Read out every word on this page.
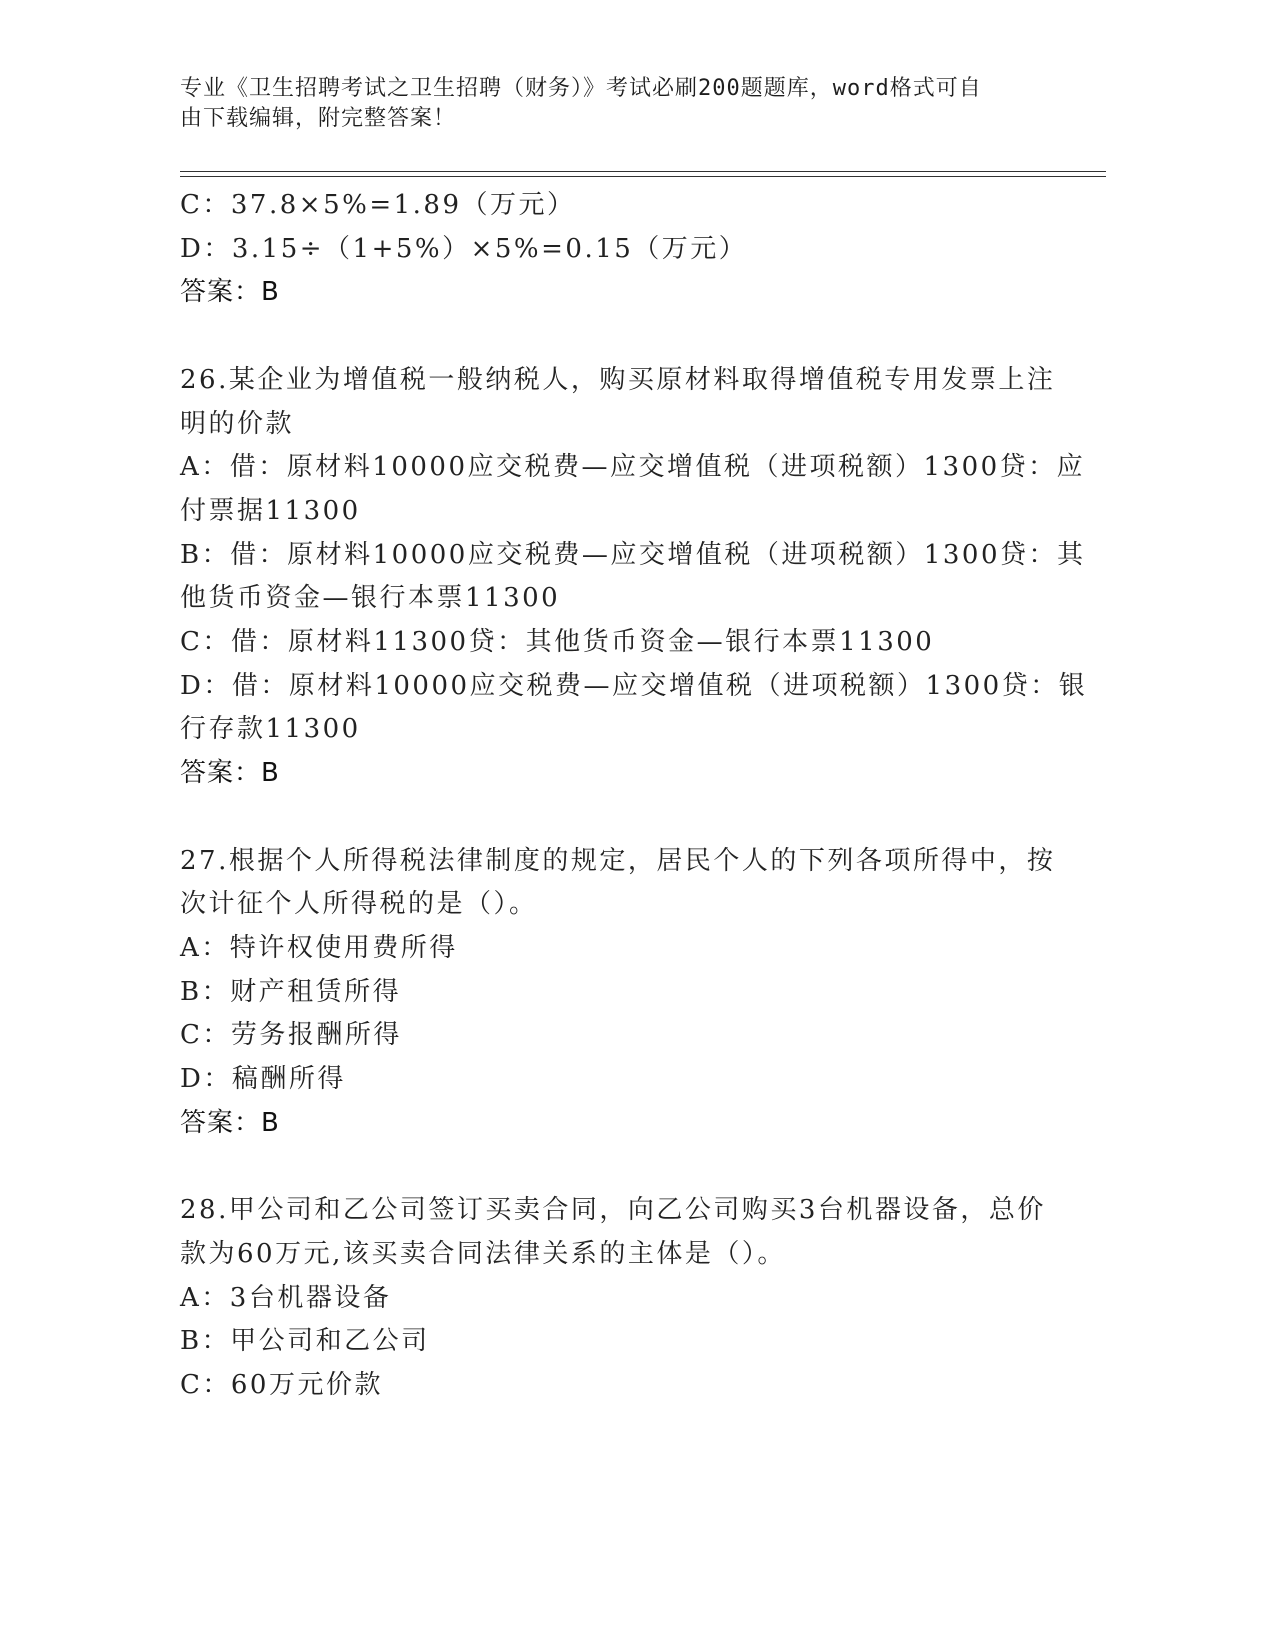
专业《卫生招聘考试之卫生招聘（财务）》考试必刷200题题库，word格式可自
由下载编辑，附完整答案！

C：37.8×5%=1.89（万元）

D：3.15÷（1+5%）×5%=0.15（万元）

答案：B

26.某企业为增值税一般纳税人，购买原材料取得增值税专用发票上注

明的价款

A：借：原材料10000应交税费—应交增值税（进项税额）1300贷：应

付票据11300

B：借：原材料10000应交税费—应交增值税（进项税额）1300贷：其

他货币资金—银行本票11300

C：借：原材料11300贷：其他货币资金—银行本票11300

D：借：原材料10000应交税费—应交增值税（进项税额）1300贷：银

行存款11300

答案：B

27.根据个人所得税法律制度的规定，居民个人的下列各项所得中，按

次计征个人所得税的是（）。

A：特许权使用费所得

B：财产租赁所得

C：劳务报酬所得

D：稿酬所得

答案：B

28.甲公司和乙公司签订买卖合同，向乙公司购买3台机器设备，总价

款为60万元,该买卖合同法律关系的主体是（）。

A：3台机器设备

B：甲公司和乙公司

C：60万元价款
